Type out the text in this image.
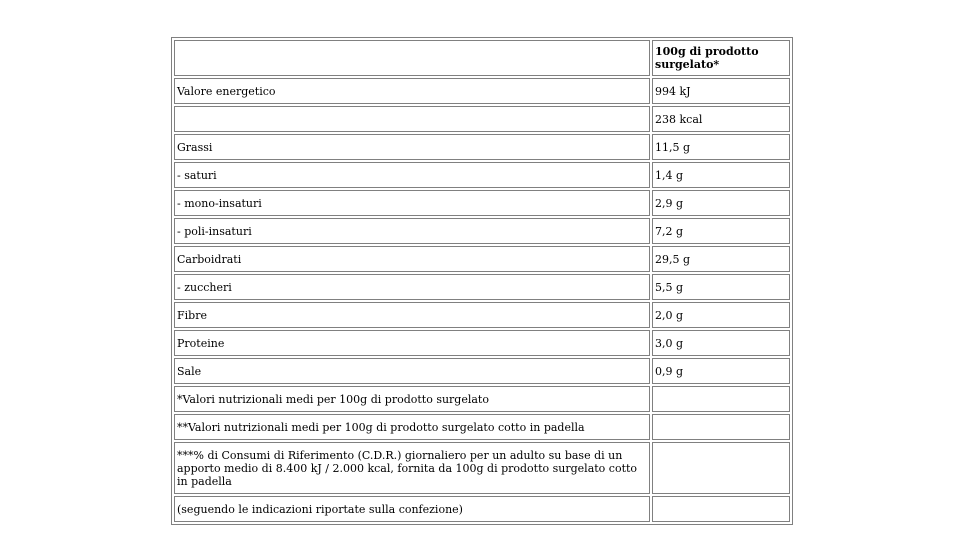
	100g di prodotto surgelato*
Valore energetico	994 kJ
	238 kcal
Grassi	11,5 g
- saturi	1,4 g
- mono-insaturi	2,9 g
- poli-insaturi	7,2 g
Carboidrati	29,5 g
- zuccheri	5,5 g
Fibre	2,0 g
Proteine	3,0 g
Sale	0,9 g
*Valori nutrizionali medi per 100g di prodotto surgelato	
**Valori nutrizionali medi per 100g di prodotto surgelato cotto in padella	
***% di Consumi di Riferimento (C.D.R.) giornaliero per un adulto su base di un apporto medio di 8.400 kJ / 2.000 kcal, fornita da 100g di prodotto surgelato cotto in padella	
(seguendo le indicazioni riportate sulla confezione)	
